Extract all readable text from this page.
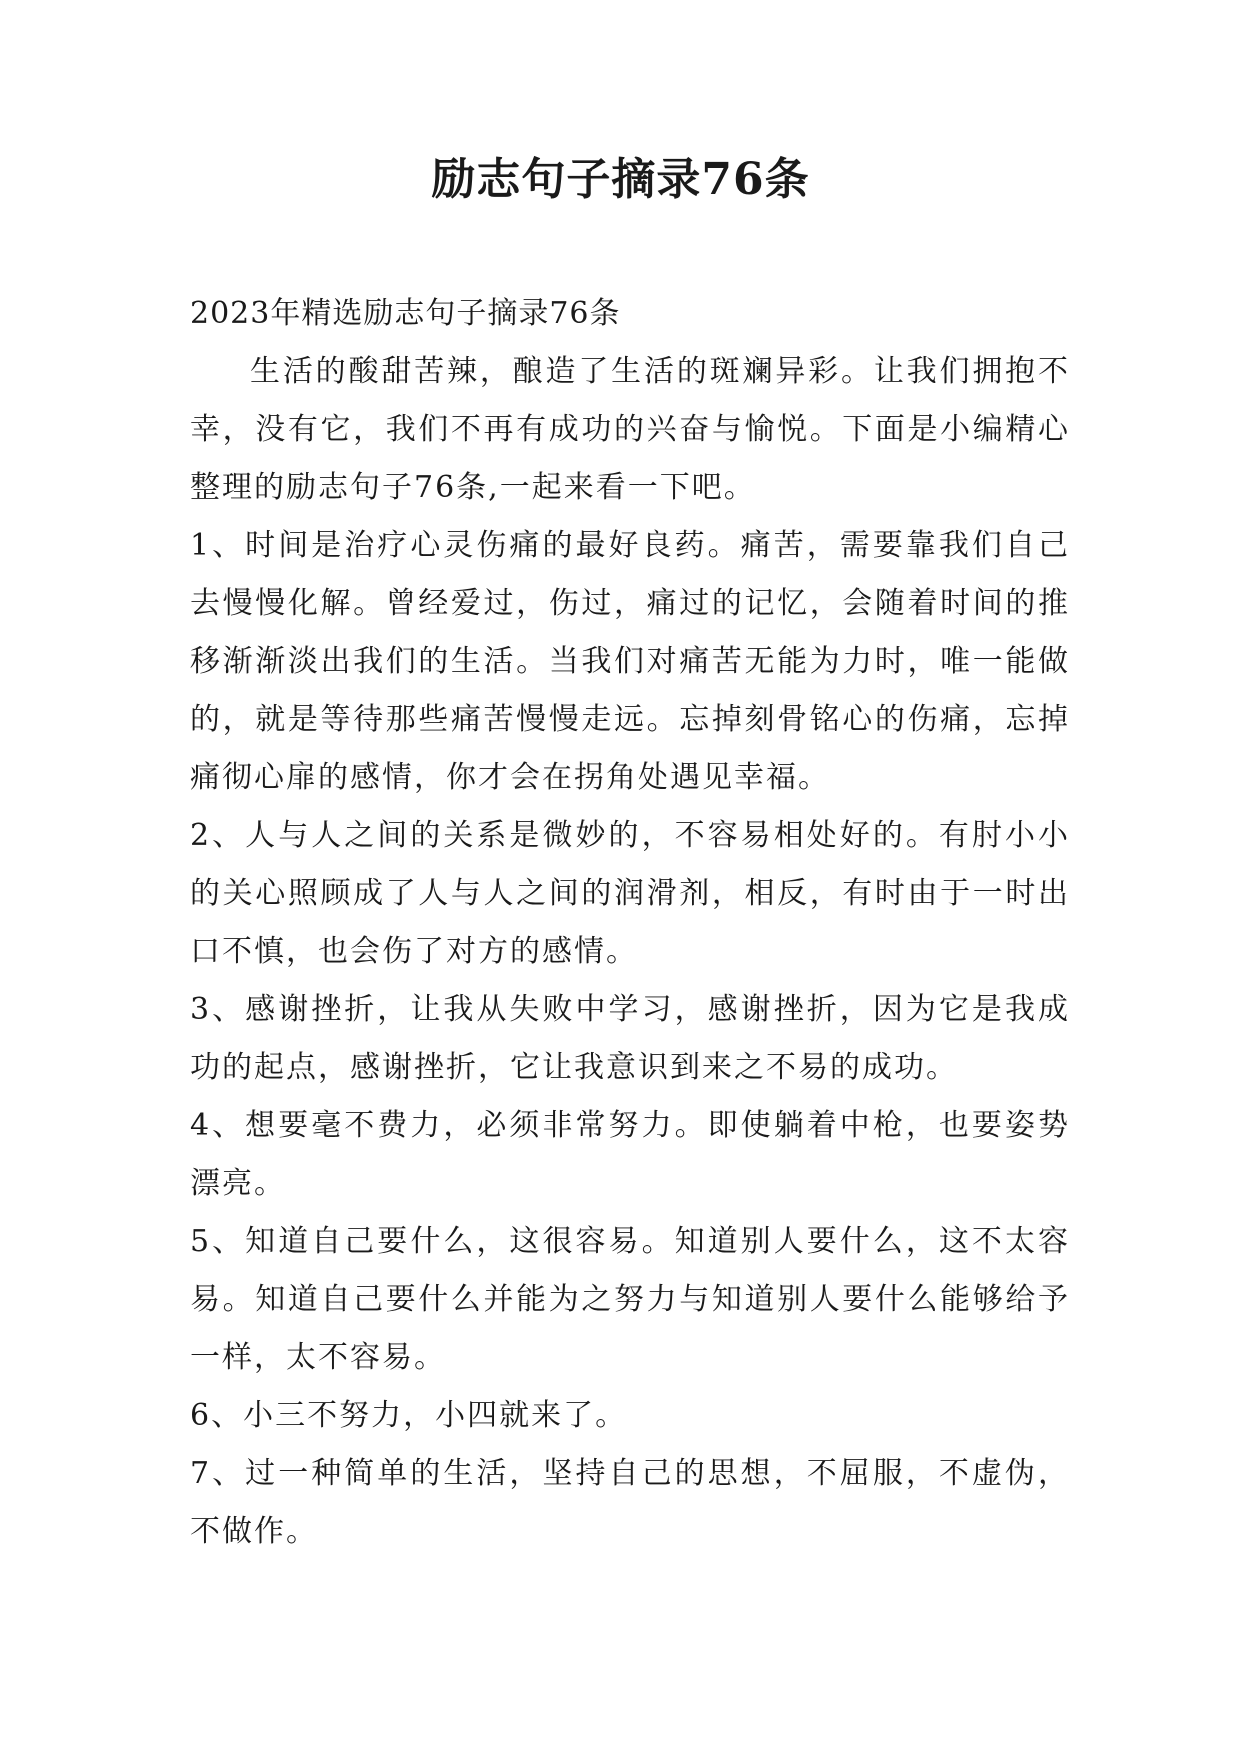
励志句子摘录76条

2023年精选励志句子摘录76条

生活的酸甜苦辣，酿造了生活的斑斓异彩。让我们拥抱不幸，没有它，我们不再有成功的兴奋与愉悦。下面是小编精心整理的励志句子76条,一起来看一下吧。

1、时间是治疗心灵伤痛的最好良药。痛苦，需要靠我们自己去慢慢化解。曾经爱过，伤过，痛过的记忆，会随着时间的推移渐渐淡出我们的生活。当我们对痛苦无能为力时，唯一能做的，就是等待那些痛苦慢慢走远。忘掉刻骨铭心的伤痛，忘掉痛彻心扉的感情，你才会在拐角处遇见幸福。

2、人与人之间的关系是微妙的，不容易相处好的。有肘小小的关心照顾成了人与人之间的润滑剂，相反，有时由于一时出口不慎，也会伤了对方的感情。

3、感谢挫折，让我从失败中学习，感谢挫折，因为它是我成功的起点，感谢挫折，它让我意识到来之不易的成功。

4、想要毫不费力，必须非常努力。即使躺着中枪，也要姿势漂亮。

5、知道自己要什么，这很容易。知道别人要什么，这不太容易。知道自己要什么并能为之努力与知道别人要什么能够给予一样，太不容易。

6、小三不努力，小四就来了。

7、过一种简单的生活，坚持自己的思想，不屈服，不虚伪，不做作。
